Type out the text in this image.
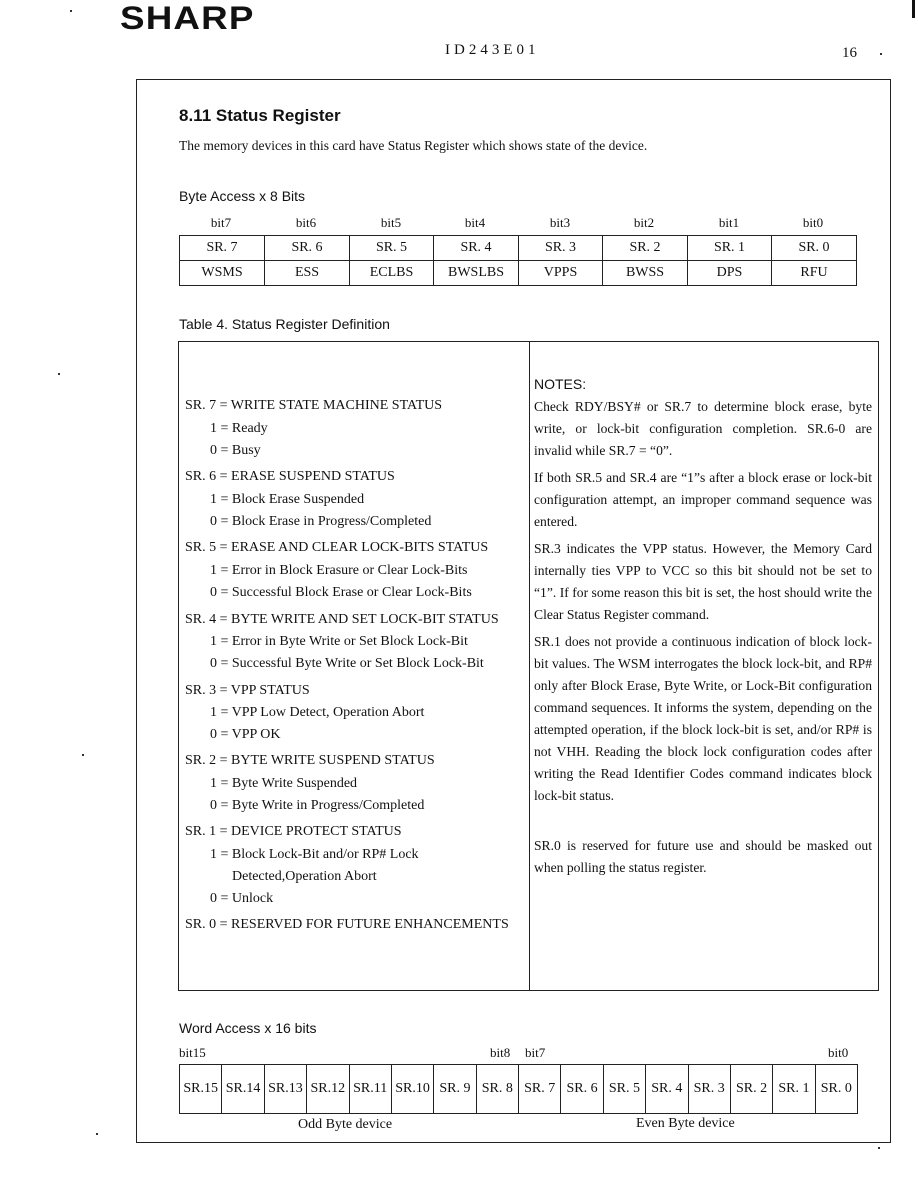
SHARP
ID243E01	16
8.11 Status Register
The memory devices in this card have Status Register which shows state of the device.
Byte Access x 8 Bits
bit7	bit6	bit5	bit4	bit3	bit2	bit1	bit0
SR. 7	SR. 6	SR. 5	SR. 4	SR. 3	SR. 2	SR. 1	SR. 0
WSMS	ESS	ECLBS	BWSLBS	VPPS	BWSS	DPS	RFU
Table 4. Status Register Definition
SR. 7 = WRITE STATE MACHINE STATUS
1 = Ready
0 = Busy
SR. 6 = ERASE SUSPEND STATUS
1 = Block Erase Suspended
0 = Block Erase in Progress/Completed
SR. 5 = ERASE AND CLEAR LOCK-BITS STATUS
1 = Error in Block Erasure or Clear Lock-Bits
0 = Successful Block Erase or Clear Lock-Bits
SR. 4 = BYTE WRITE AND SET LOCK-BIT STATUS
1 = Error in Byte Write or Set Block Lock-Bit
0 = Successful Byte Write or Set Block Lock-Bit
SR. 3 = VPP STATUS
1 = VPP Low Detect, Operation Abort
0 = VPP OK
SR. 2 = BYTE WRITE SUSPEND STATUS
1 = Byte Write Suspended
0 = Byte Write in Progress/Completed
SR. 1 = DEVICE PROTECT STATUS
1 = Block Lock-Bit and/or RP# Lock
Detected,Operation Abort
0 = Unlock
SR. 0 = RESERVED FOR FUTURE ENHANCEMENTS
NOTES:
Check RDY/BSY# or SR.7 to determine block erase, byte write, or lock-bit configuration completion. SR.6-0 are invalid while SR.7 = “0”.
If both SR.5 and SR.4 are “1”s after a block erase or lock-bit configuration attempt, an improper command sequence was entered.
SR.3 indicates the VPP status. However, the Memory Card internally ties VPP to VCC so this bit should not be set to “1”. If for some reason this bit is set, the host should write the Clear Status Register command.
SR.1 does not provide a continuous indication of block lock-bit values. The WSM interrogates the block lock-bit, and RP# only after Block Erase, Byte Write, or Lock-Bit configuration command sequences. It informs the system, depending on the attempted operation, if the block lock-bit is set, and/or RP# is not VHH. Reading the block lock configuration codes after writing the Read Identifier Codes command indicates block lock-bit status.
SR.0 is reserved for future use and should be masked out when polling the status register.
Word Access x 16 bits
bit15	bit8 bit7	bit0
SR.15	SR.14	SR.13	SR.12	SR.11	SR.10	SR. 9	SR. 8	SR. 7	SR. 6	SR. 5	SR. 4	SR. 3	SR. 2	SR. 1	SR. 0
Odd Byte device	Even Byte device
